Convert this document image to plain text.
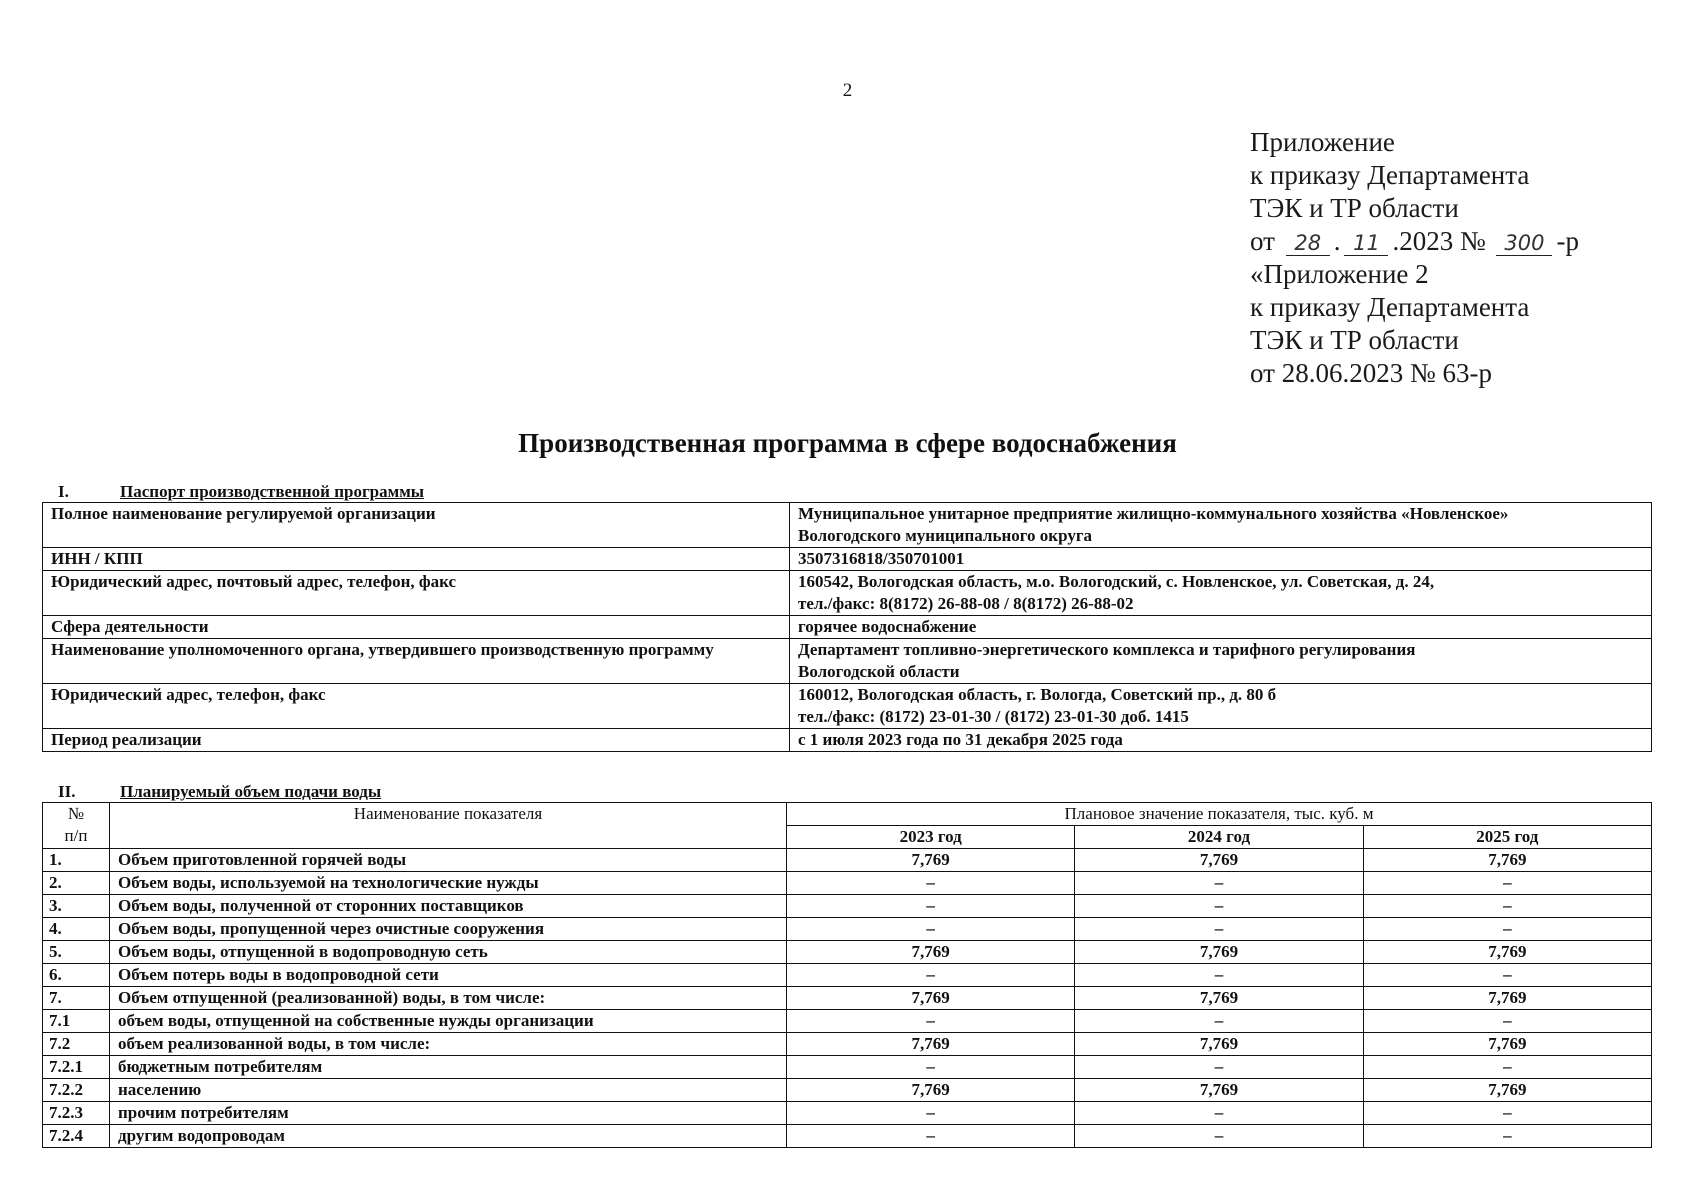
2
Приложение
к приказу Департамента
ТЭК и ТР области
от 28 . 11 .2023 № 300 -р
«Приложение 2
к приказу Департамента
ТЭК и ТР области
от 28.06.2023 № 63-р
Производственная программа в сфере водоснабжения
I.	Паспорт производственной программы
Полное наименование регулируемой организации	Муниципальное унитарное предприятие жилищно-коммунального хозяйства «Новленское»
Вологодского муниципального округа

ИНН / КПП	3507316818/350701001

Юридический адрес, почтовый адрес, телефон, факс	160542, Вологодская область, м.о. Вологодский, с. Новленское, ул. Советская, д. 24,
тел./факс: 8(8172) 26-88-08 / 8(8172) 26-88-02

Сфера деятельности	горячее водоснабжение

Наименование уполномоченного органа, утвердившего производственную программу	Департамент топливно-энергетического комплекса и тарифного регулирования
Вологодской области

Юридический адрес, телефон, факс	160012, Вологодская область, г. Вологда, Советский пр., д. 80 б
тел./факс: (8172) 23-01-30 / (8172) 23-01-30 доб. 1415

Период реализации	с 1 июля 2023 года по 31 декабря 2025 года
II.	Планируемый объем подачи воды
№
п/п	Наименование показателя	Плановое значение показателя, тыс. куб. м		
		2023 год	2024 год	2025 год
1.	Объем приготовленной горячей воды	7,769	7,769	7,769
2.	Объем воды, используемой на технологические нужды	–	–	–
3.	Объем воды, полученной от сторонних поставщиков	–	–	–
4.	Объем воды, пропущенной через очистные сооружения	–	–	–
5.	Объем воды, отпущенной в водопроводную сеть	7,769	7,769	7,769
6.	Объем потерь воды в водопроводной сети	–	–	–
7.	Объем отпущенной (реализованной) воды, в том числе:	7,769	7,769	7,769
7.1	объем воды, отпущенной на собственные нужды организации	–	–	–
7.2	объем реализованной воды, в том числе:	7,769	7,769	7,769
7.2.1	бюджетным потребителям	–	–	–
7.2.2	населению	7,769	7,769	7,769
7.2.3	прочим потребителям	–	–	–
7.2.4	другим водопроводам	–	–	–
